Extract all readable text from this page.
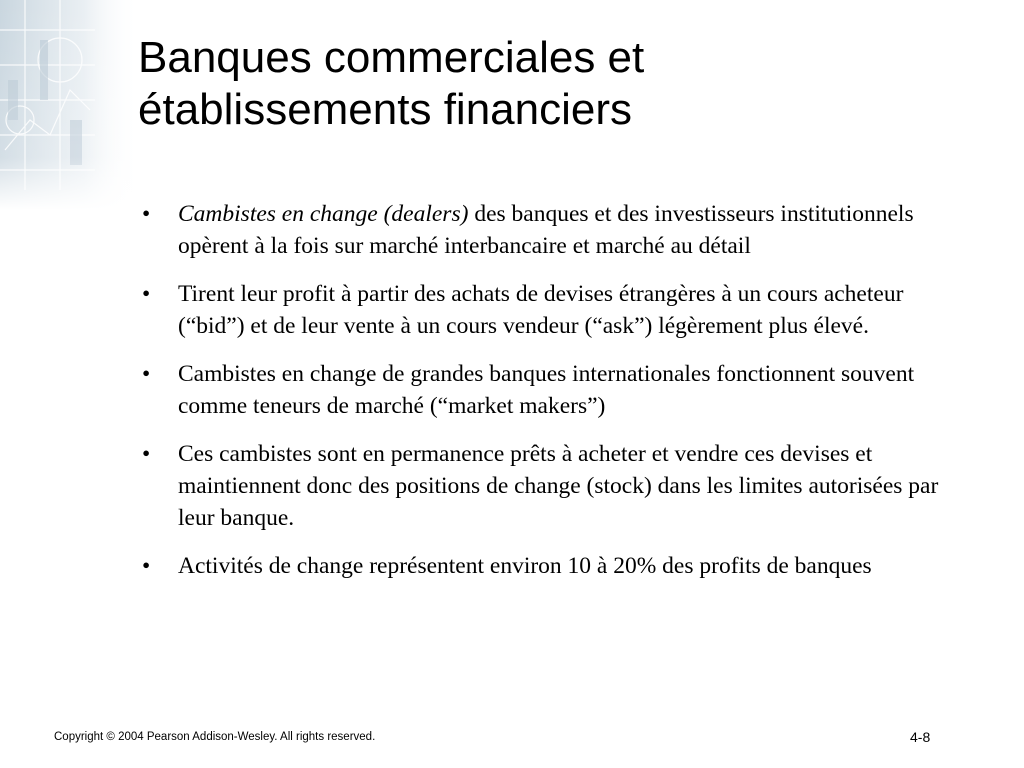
Banques commerciales et
établissements financiers
• Cambistes en change (dealers) des banques et des investisseurs institutionnels opèrent à la fois sur marché interbancaire et marché au détail
• Tirent leur profit à partir des achats de devises étrangères à un cours acheteur (“bid”) et de leur vente à un cours vendeur (“ask”) légèrement plus élevé.
• Cambistes en change de grandes banques internationales fonctionnent souvent comme teneurs de marché (“market makers”)
• Ces cambistes sont en permanence prêts à acheter et vendre ces devises et maintiennent donc des positions de change (stock) dans les limites autorisées par leur banque.
• Activités de change représentent environ 10 à 20% des profits de banques
Copyright © 2004 Pearson Addison-Wesley. All rights reserved.	4-8
